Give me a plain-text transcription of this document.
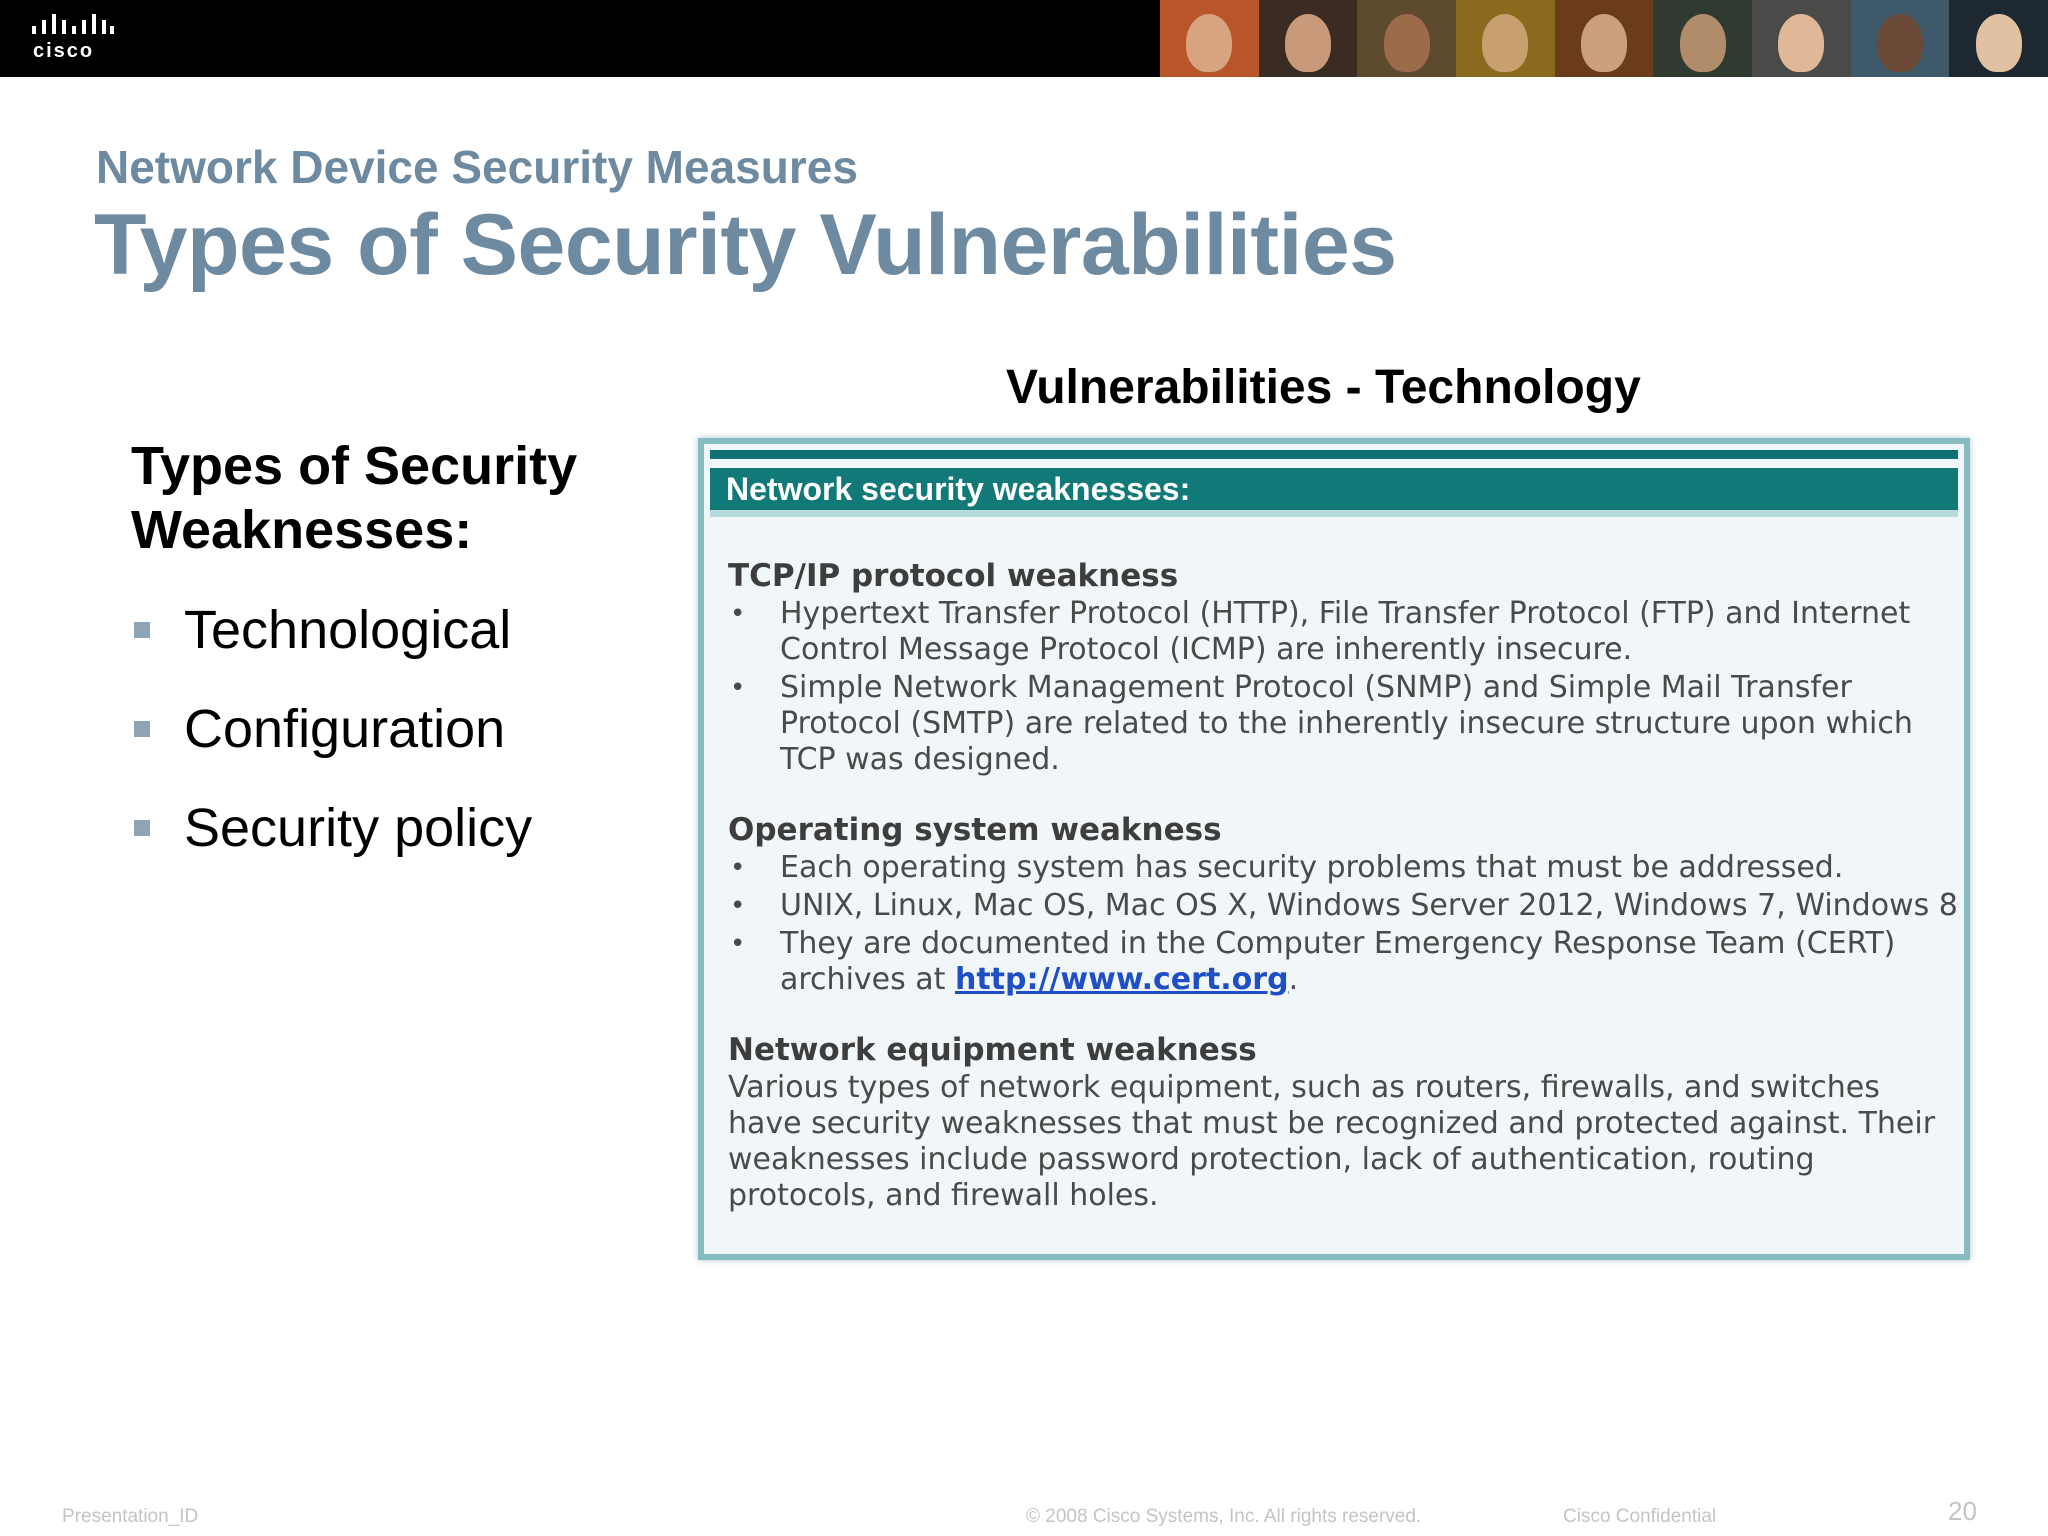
cisco
Network Device Security Measures
Types of Security Vulnerabilities
Types of Security
Weaknesses:
Technological
Configuration
Security policy
Vulnerabilities - Technology
Network security weaknesses:
TCP/IP protocol weakness
• Hypertext Transfer Protocol (HTTP), File Transfer Protocol (FTP) and Internet Control Message Protocol (ICMP) are inherently insecure.
• Simple Network Management Protocol (SNMP) and Simple Mail Transfer Protocol (SMTP) are related to the inherently insecure structure upon which TCP was designed.
Operating system weakness
• Each operating system has security problems that must be addressed.
• UNIX, Linux, Mac OS, Mac OS X, Windows Server 2012, Windows 7, Windows 8
• They are documented in the Computer Emergency Response Team (CERT) archives at http://www.cert.org.
Network equipment weakness
Various types of network equipment, such as routers, firewalls, and switches have security weaknesses that must be recognized and protected against. Their weaknesses include password protection, lack of authentication, routing protocols, and firewall holes.
Presentation_ID	© 2008 Cisco Systems, Inc. All rights reserved.	Cisco Confidential	20
